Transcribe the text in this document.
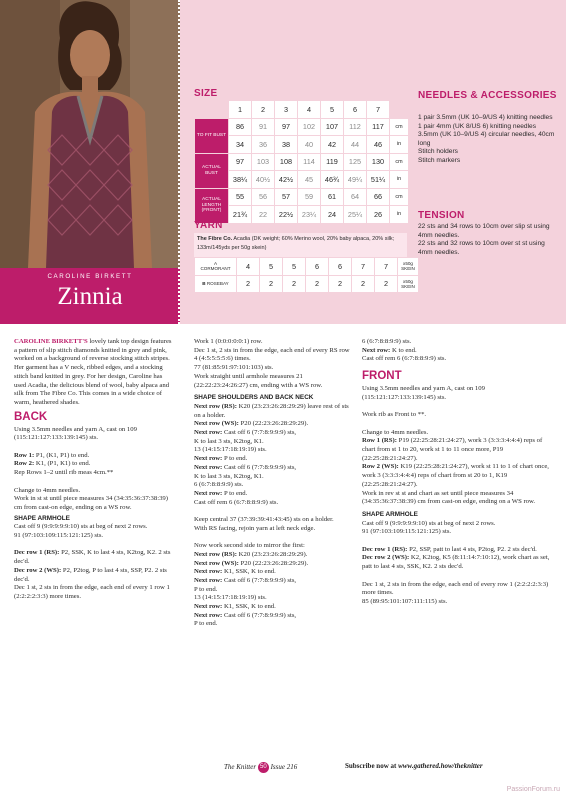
CAROLINE BIRKETT
Zinnia
SIZE
	1	2	3	4	5	6	7	
TO FIT BUST	86	91	97	102	107	112	117	cm
	34	36	38	40	42	44	46	in
ACTUAL BUST	97	103	108	114	119	125	130	cm
	38¼	40½	42½	45	46¾	49¼	51¼	in
ACTUAL LENGTH (FRONT)	55	56	57	59	61	64	66	cm
	21¾	22	22½	23¼	24	25¼	26	in
YARN
The Fibre Co. Acadia (DK weight; 60% Merino wool, 20% baby alpaca, 20% silk; 133m/145yds per 50g skein)
A
CORMORANT	4	5	5	6	6	7	7	x50g SKEIN
B ROSEBAY	2	2	2	2	2	2	2	x50g SKEIN
NEEDLES & ACCESSORIES

1 pair 3.5mm (UK 10–9/US 4) knitting needles

1 pair 4mm (UK 8/US 6) knitting needles

3.5mm (UK 10–9/US 4) circular needles, 40cm long

Stitch holders

Stitch markers

TENSION

22 sts and 34 rows to 10cm over slip st using 4mm needles.

22 sts and 32 rows to 10cm over st st using 4mm needles.

CAROLINE BIRKETT'S lovely tank top design features a pattern of slip stitch diamonds knitted in grey and pink, worked on a background of reverse stocking stitch stripes. Her garment has a V neck, ribbed edges, and a stocking stitch band knitted in grey. For her design, Caroline has used Acadia, the delicious blend of wool, baby alpaca and silk from The Fibre Co. This comes in a wide choice of warm, heathered shades.

BACK

Using 3.5mm needles and yarn A, cast on 109 (115:121:127:133:139:145) sts.

Row 1: P1, (K1, P1) to end.

Row 2: K1, (P1, K1) to end.

Rep Rows 1–2 until rib meas 4cm.**

Change to 4mm needles.

Work in st st until piece measures 34 (34:35:36:37:38:39) cm from cast-on edge, ending on a WS row.

SHAPE ARMHOLE

Cast off 9 (9:9:9:9:9:10) sts at beg of next 2 rows.

91 (97:103:109:115:121:125) sts.

Dec row 1 (RS): P2, SSK, K to last 4 sts, K2tog, K2. 2 sts dec'd.

Dec row 2 (WS): P2, P2tog, P to last 4 sts, SSP, P2. 2 sts dec'd.

Dec 1 st, 2 sts in from the edge, each end of every 1 row 1 (2:2:2:2:3:3) more times.

Work 1 (0:0:0:0:0:1) row.

Dec 1 st, 2 sts in from the edge, each end of every RS row 4 (4:5:5:5:5:6) times.

77 (81:85:91:97:101:103) sts.

Work straight until armhole measures 21 (22:22:23:24:26:27) cm, ending with a WS row.

SHAPE SHOULDERS AND BACK NECK

Next row (RS): K20 (23:23:26:28:29:29) leave rest of sts on a holder.

Next row (WS): P20 (22:23:26:28:29:29).

Next row: Cast off 6 (7:7:8:9:9:9) sts,

K to last 3 sts, K2tog, K1.

13 (14:15:17:18:19:19) sts.

Next row: P to end.

Next row: Cast off 6 (7:7:8:9:9:9) sts,

K to last 3 sts, K2tog, K1.

6 (6:7:8:8:9:9) sts.

Next row: P to end.

Cast off rem 6 (6:7:8:8:9:9) sts.

Keep central 37 (37:39:39:41:43:45) sts on a holder.

With RS facing, rejoin yarn at left neck edge.

Now work second side to mirror the first:

Next row (RS): K20 (23:23:26:28:29:29).

Next row (WS): P20 (22:23:26:28:29:29).

Next row: K1, SSK, K to end.

Next row: Cast off 6 (7:7:8:9:9:9) sts,

P to end.

13 (14:15:17:18:19:19) sts.

Next row: K1, SSK, K to end.

Next row: Cast off 6 (7:7:8:9:9:9) sts,

P to end.

6 (6:7:8:8:9:9) sts.

Next row: K to end.

Cast off rem 6 (6:7:8:8:9:9) sts.

FRONT

Using 3.5mm needles and yarn A, cast on 109 (115:121:127:133:139:145) sts.

Work rib as Front to **.

Change to 4mm needles.

Row 1 (RS): P19 (22:25:28:21:24:27), work 3 (3:3:3:4:4:4) reps of chart from st 1 to 20, work st 1 to 11 once more, P19 (22:25:28:21:24:27).

Row 2 (WS): K19 (22:25:28:21:24:27), work st 11 to 1 of chart once, work 3 (3:3:3:4:4:4) reps of chart from st 20 to 1, K19 (22:25:28:21:24:27).

Work in rev st st and chart as set until piece measures 34 (34:35:36:37:38:39) cm from cast-on edge, ending on a WS row.

SHAPE ARMHOLE

Cast off 9 (9:9:9:9:9:10) sts at beg of next 2 rows.

91 (97:103:109:115:121:125) sts.

Dec row 1 (RS): P2, SSP, patt to last 4 sts, P2tog, P2. 2 sts dec'd.

Dec row 2 (WS): K2, K2tog, K5 (8:11:14:7:10:12), work chart as set, patt to last 4 sts, SSK, K2. 2 sts dec'd.

Dec 1 st, 2 sts in from the edge, each end of every row 1 (2:2:2:2:3:3) more times.

85 (89:95:101:107:111:115) sts.

The Knitter 50 Issue 216	Subscribe now at www.gathered.how/theknitter
PassionForum.ru
